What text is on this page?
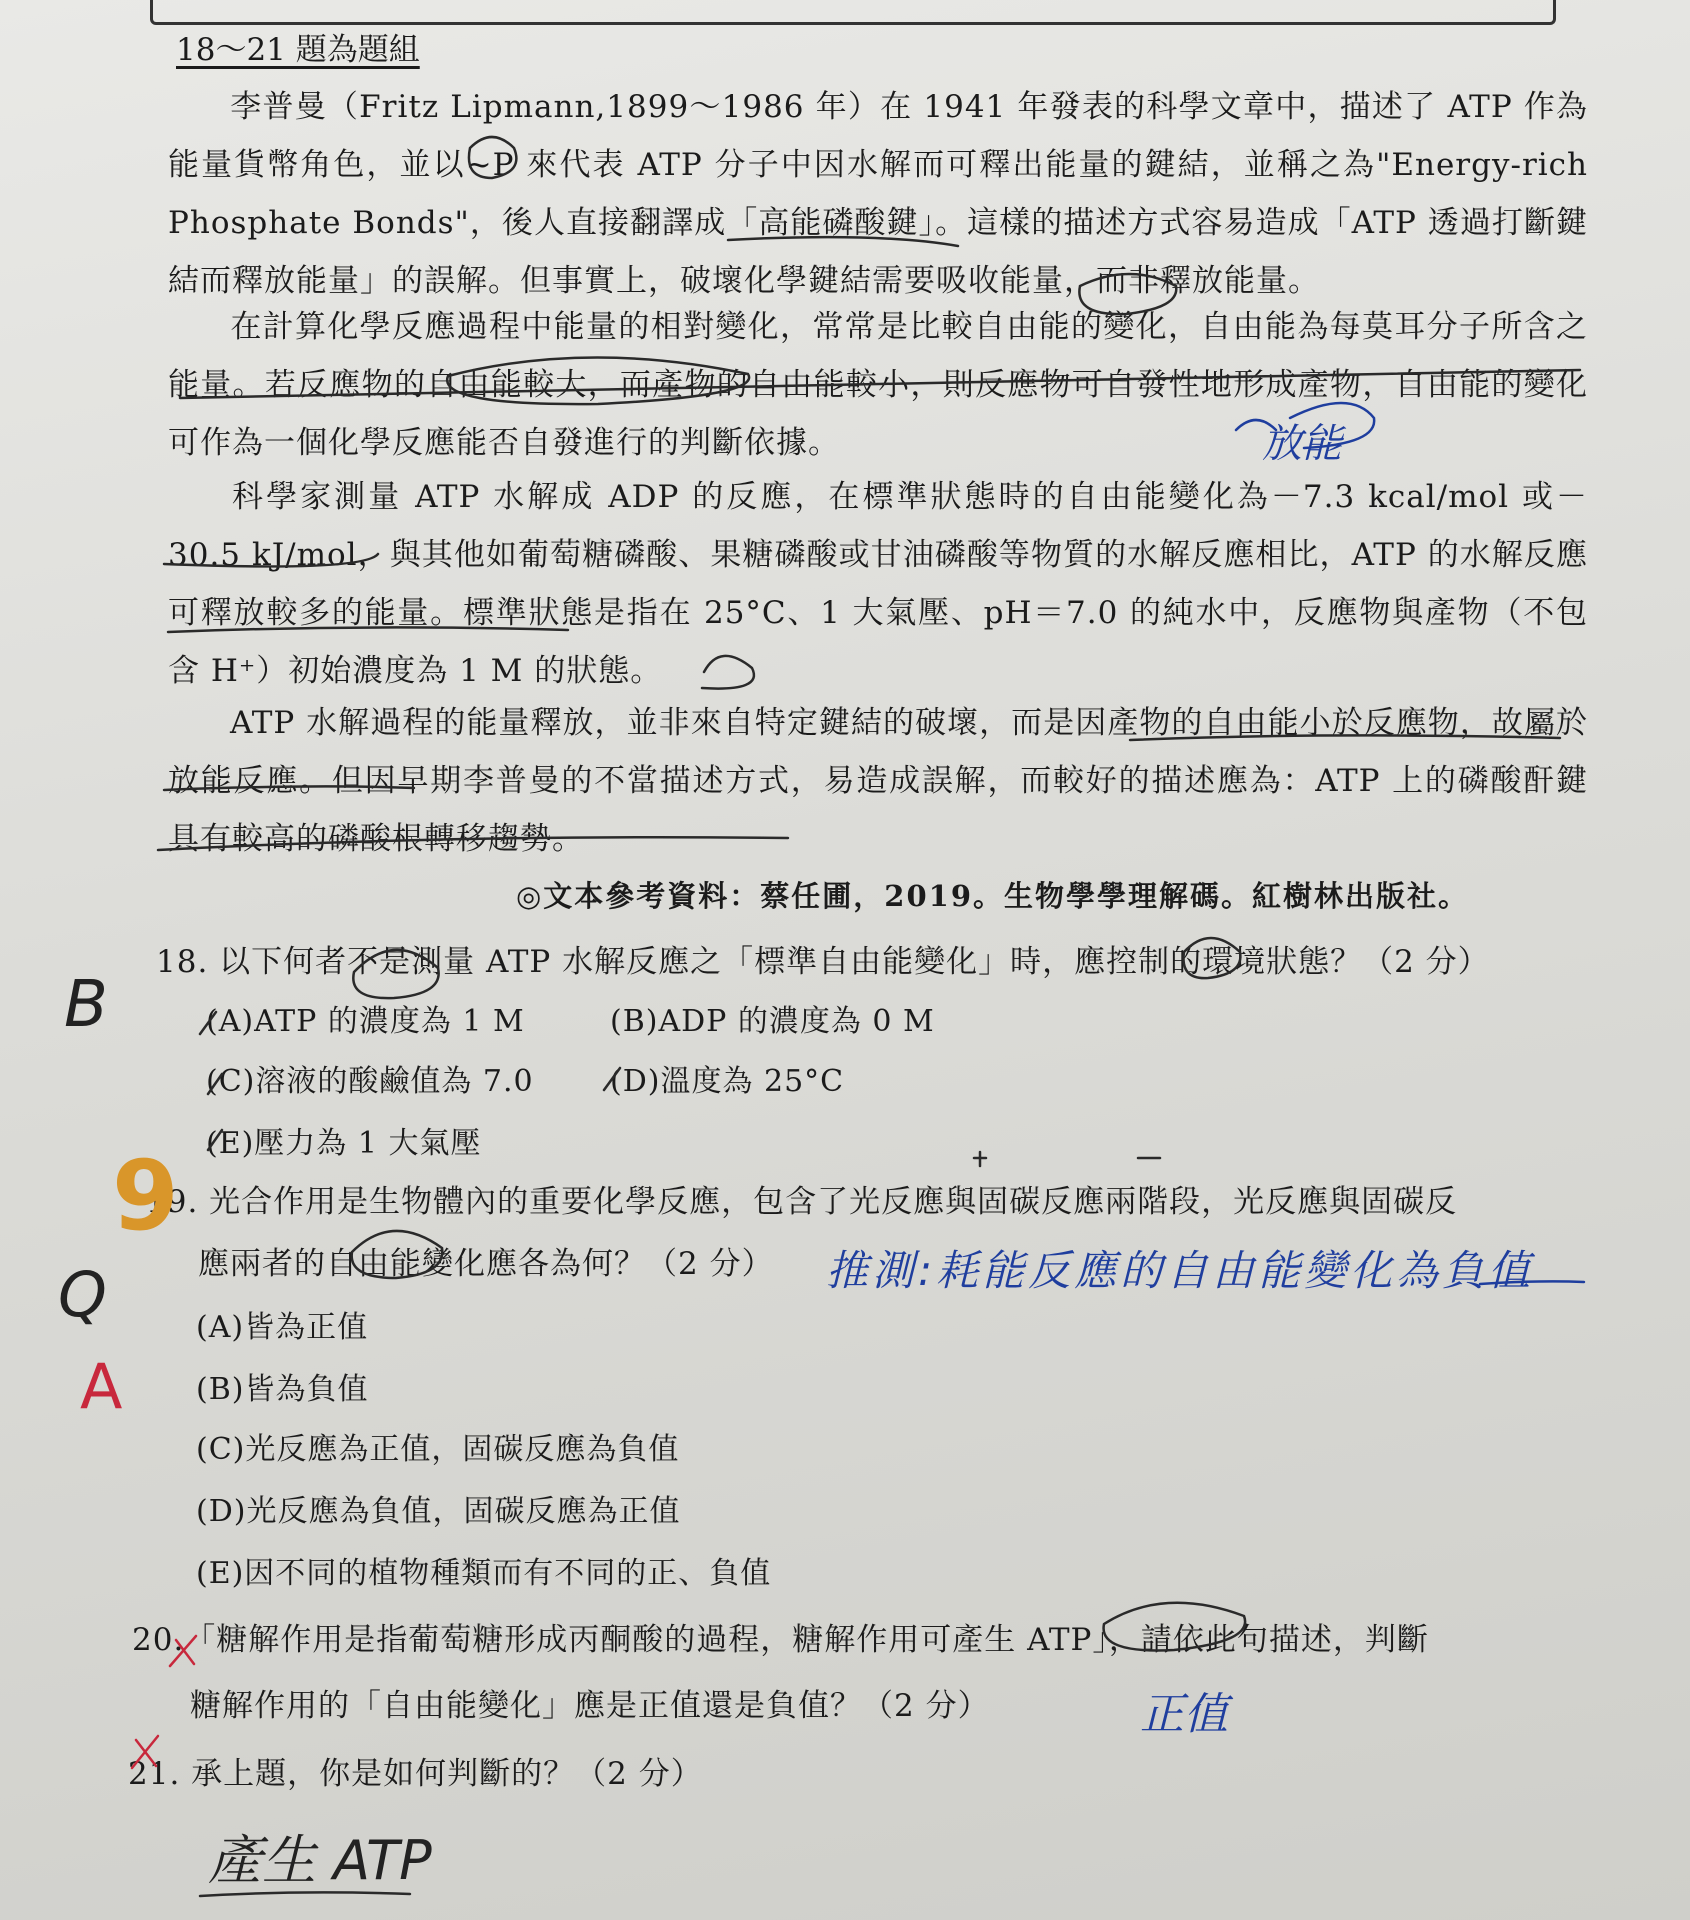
18～21 題為題組
李普曼（Fritz Lipmann,1899～1986 年）在 1941 年發表的科學文章中，描述了 ATP 作為能量貨幣角色，並以~P 來代表 ATP 分子中因水解而可釋出能量的鍵結，並稱之為"Energy-rich Phosphate Bonds"，後人直接翻譯成「高能磷酸鍵」。這樣的描述方式容易造成「ATP 透過打斷鍵結而釋放能量」的誤解。但事實上，破壞化學鍵結需要吸收能量，而非釋放能量。
在計算化學反應過程中能量的相對變化，常常是比較自由能的變化，自由能為每莫耳分子所含之能量。若反應物的自由能較大，而產物的自由能較小，則反應物可自發性地形成產物，自由能的變化可作為一個化學反應能否自發進行的判斷依據。
科學家測量 ATP 水解成 ADP 的反應，在標準狀態時的自由能變化為－7.3 kcal/mol 或－30.5 kJ/mol，與其他如葡萄糖磷酸、果糖磷酸或甘油磷酸等物質的水解反應相比，ATP 的水解反應可釋放較多的能量。標準狀態是指在 25°C、1 大氣壓、pH＝7.0 的純水中，反應物與產物（不包含 H⁺）初始濃度為 1 M 的狀態。
ATP 水解過程的能量釋放，並非來自特定鍵結的破壞，而是因產物的自由能小於反應物，故屬於放能反應。但因早期李普曼的不當描述方式，易造成誤解，而較好的描述應為：ATP 上的磷酸酐鍵具有較高的磷酸根轉移趨勢。
◎文本參考資料：蔡任圃，2019。生物學學理解碼。紅樹林出版社。
18. 以下何者不是測量 ATP 水解反應之「標準自由能變化」時，應控制的環境狀態？（2 分）
(A)ATP 的濃度為 1 M	(B)ADP 的濃度為 0 M
(C)溶液的酸鹼值為 7.0	(D)溫度為 25°C
(E)壓力為 1 大氣壓
B
19. 光合作用是生物體內的重要化學反應，包含了光反應與固碳反應兩階段，光反應與固碳反
應兩者的自由能變化應各為何？（2 分） 推測:耗能反應的自由能變化為負值
(A)皆為正值
(B)皆為負值
(C)光反應為正值，固碳反應為負值
(D)光反應為負值，固碳反應為正值
(E)因不同的植物種類而有不同的正、負值
9
Q
A
20.「糖解作用是指葡萄糖形成丙酮酸的過程，糖解作用可產生 ATP」，請依此句描述，判斷
糖解作用的「自由能變化」應是正值還是負值？（2 分）	正值
21. 承上題，你是如何判斷的？（2 分）
產生 ATP
放能
